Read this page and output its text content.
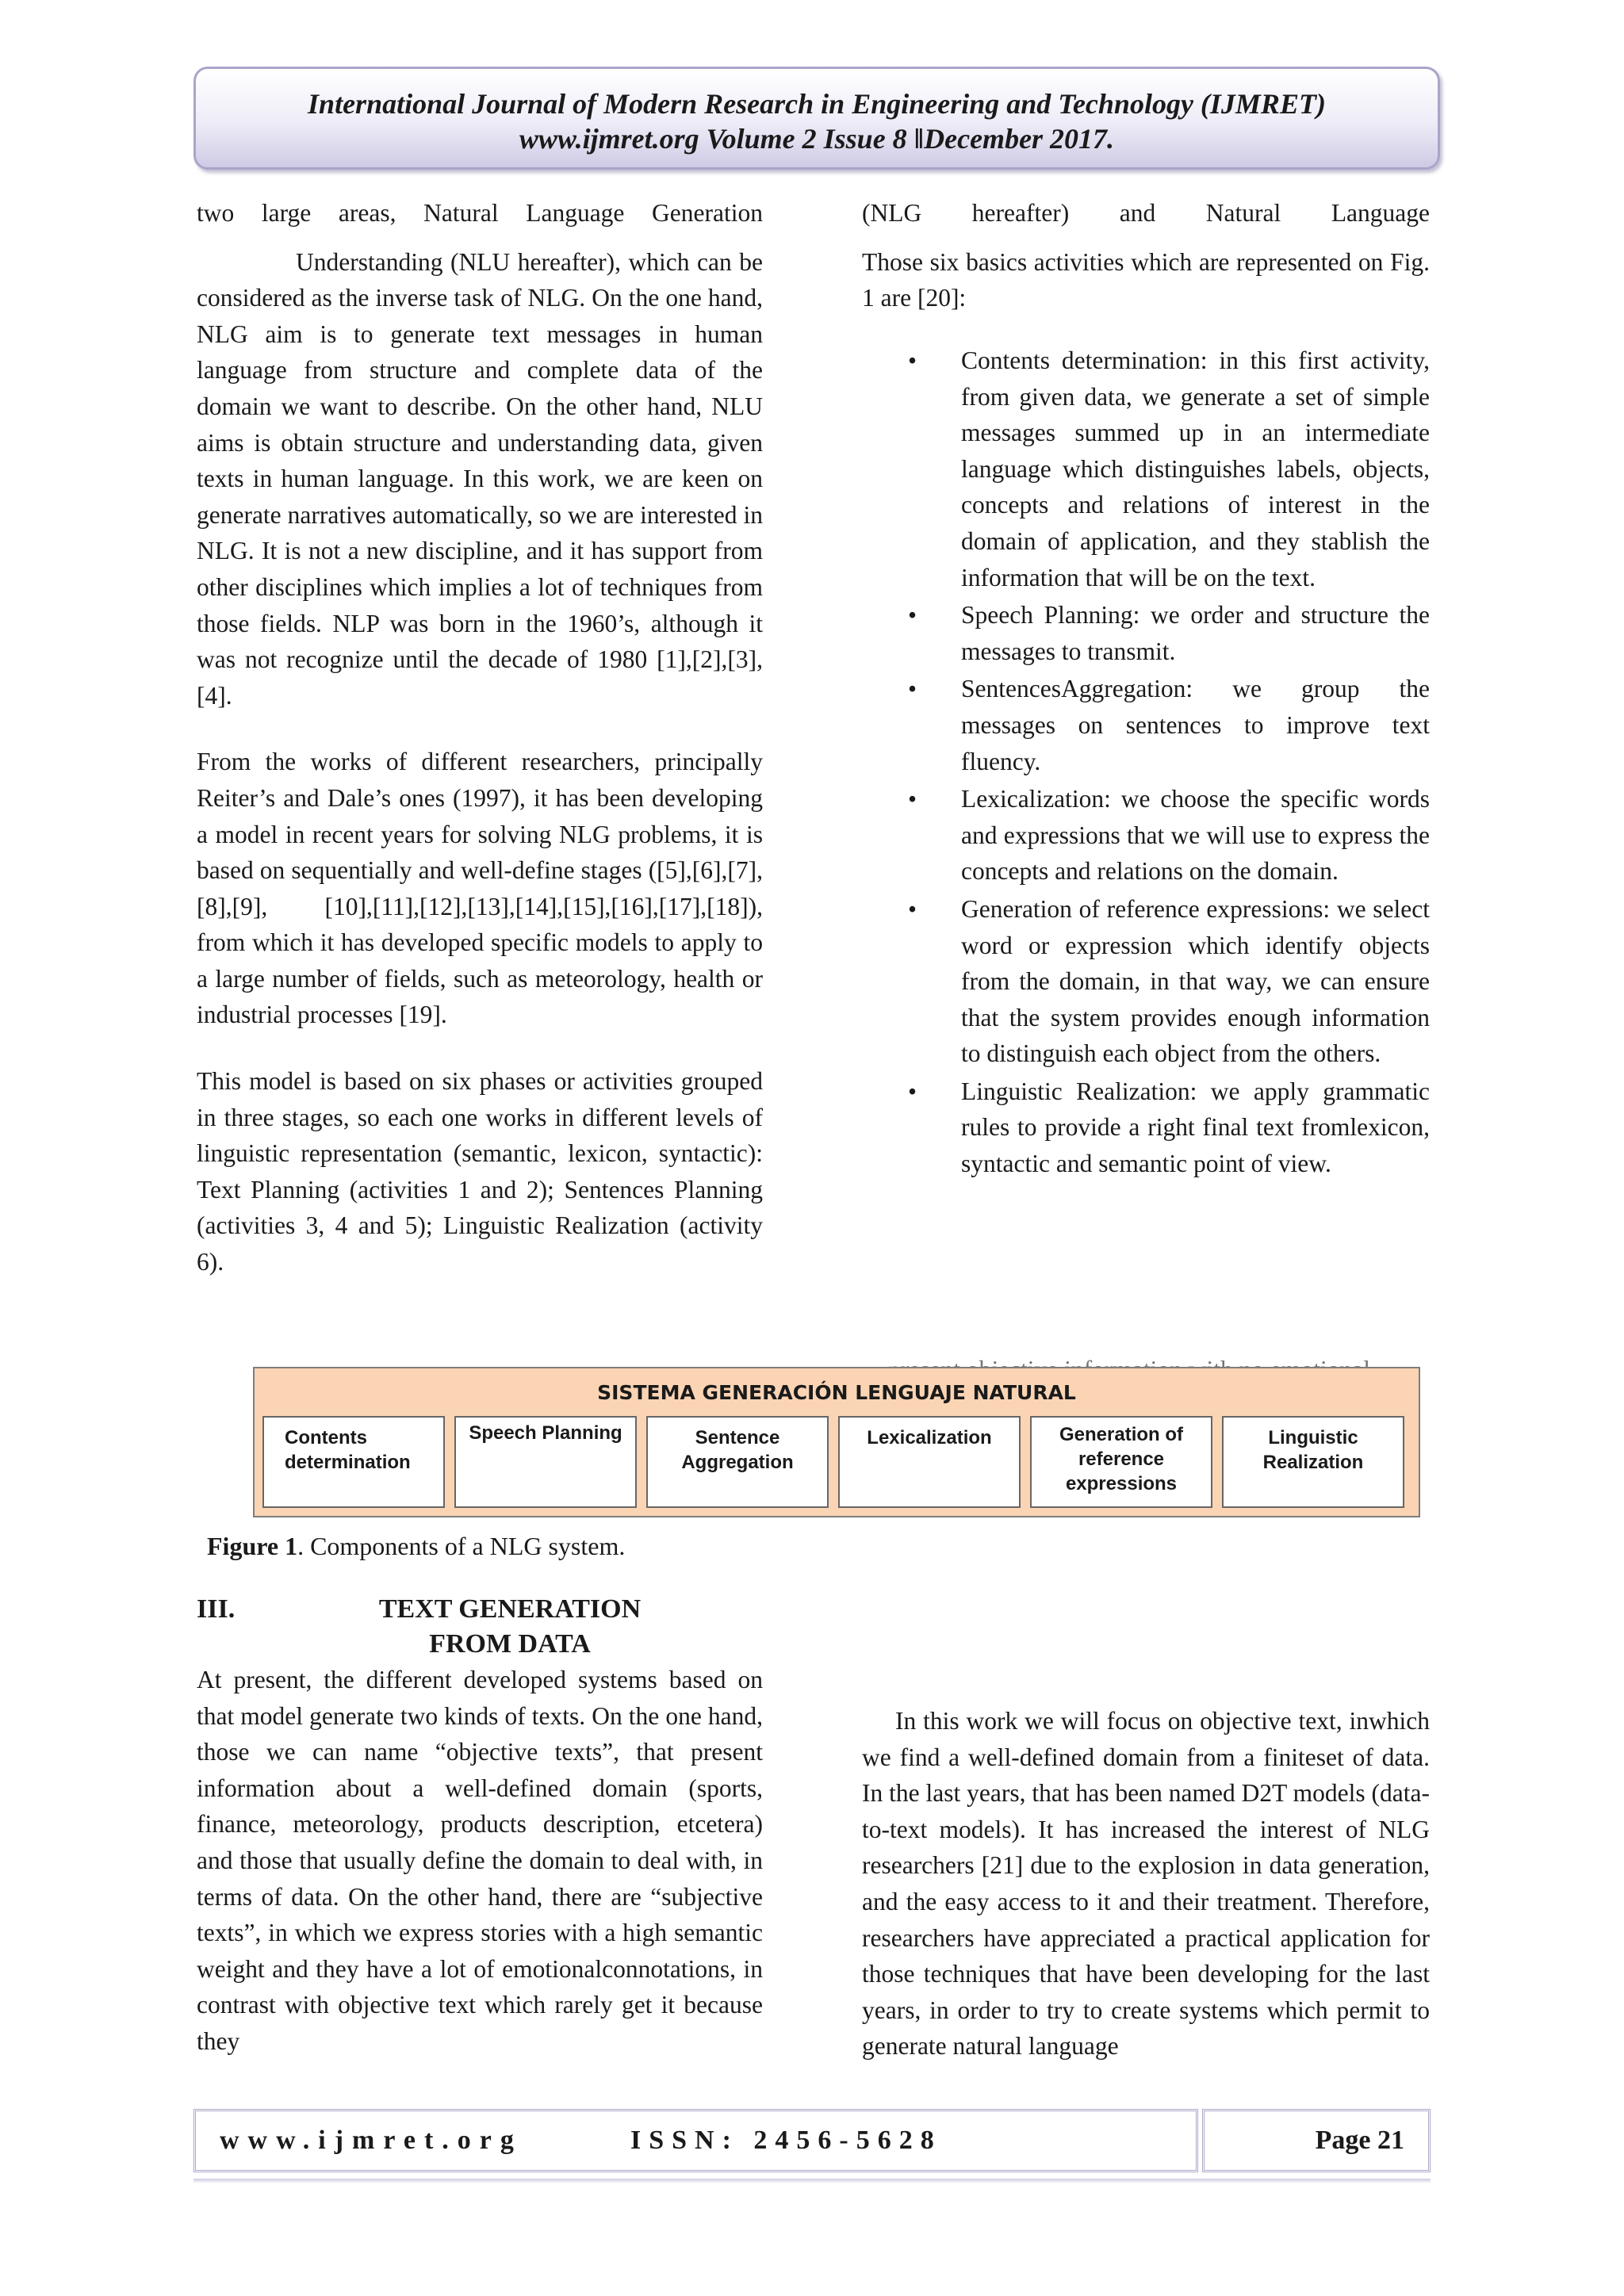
International Journal of Modern Research in Engineering and Technology (IJMRET)
www.ijmret.org Volume 2 Issue 8 ǁDecember 2017.

two large areas, Natural Language Generation

Understanding (NLU hereafter), which can be considered as the inverse task of NLG. On the one hand, NLG aim is to generate text messages in human language from structure and complete data of the domain we want to describe. On the other hand, NLU aims is obtain structure and understanding data, given texts in human language. In this work, we are keen on generate narratives automatically, so we are interested in NLG. It is not a new discipline, and it has support from other disciplines which implies a lot of techniques from those fields. NLP was born in the 1960’s, although it was not recognize until the decade of 1980 [1],[2],[3],[4].

From the works of different researchers, principally Reiter’s and Dale’s ones (1997), it has been developing a model in recent years for solving NLG problems, it is based on sequentially and well-define stages ([5],[6],[7],[8],[9], [10],[11],[12],[13],[14],[15],[16],[17],[18]), from which it has developed specific models to apply to a large number of fields, such as meteorology, health or industrial processes [19].

This model is based on six phases or activities grouped in three stages, so each one works in different levels of linguistic representation (semantic, lexicon, syntactic): Text Planning (activities 1 and 2); Sentences Planning (activities 3, 4 and 5); Linguistic Realization (activity 6).

(NLG hereafter) and Natural Language

Those six basics activities which are represented on Fig. 1 are [20]:

• Contents determination: in this first activity, from given data, we generate a set of simple messages summed up in an intermediate language which distinguishes labels, objects, concepts and relations of interest in the domain of application, and they stablish the information that will be on the text.
• Speech Planning: we order and structure the messages to transmit.
• SentencesAggregation: we group the messages on sentences to improve text fluency.
• Lexicalization: we choose the specific words and expressions that we will use to express the concepts and relations on the domain.
• Generation of reference expressions: we select word or expression which identify objects from the domain, in that way, we can ensure that the system provides enough information to distinguish each object from the others.
• Linguistic Realization: we apply grammatic rules to provide a right final text fromlexicon, syntactic and semantic point of view.
SISTEMA GENERACIÓN LENGUAJE NATURAL
Contents determination
Speech Planning	Sentence Aggregation
Lexicalization	Generation of reference expressions
Linguistic Realization
Figure 1. Components of a NLG system.
III.	TEXT GENERATION FROM DATA

At present, the different developed systems based on that model generate two kinds of texts. On the one hand, those we can name “objective texts”, that present information about a well-defined domain (sports, finance, meteorology, products description, etcetera) and those that usually define the domain to deal with, in terms of data. On the other hand, there are “subjective texts”, in which we express stories with a high semantic weight and they have a lot of emotionalconnotations, in contrast with objective text which rarely get it because they

In this work we will focus on objective text, inwhich we find a well-defined domain from a finiteset of data. In the last years, that has been named D2T models (data-to-text models). It has increased the interest of NLG researchers [21] due to the explosion in data generation, and the easy access to it and their treatment. Therefore, researchers have appreciated a practical application for those techniques that have been developing for the last years, in order to try to create systems which permit to generate natural language

www.ijmret.org	ISSN: 2456-5628	Page 21
